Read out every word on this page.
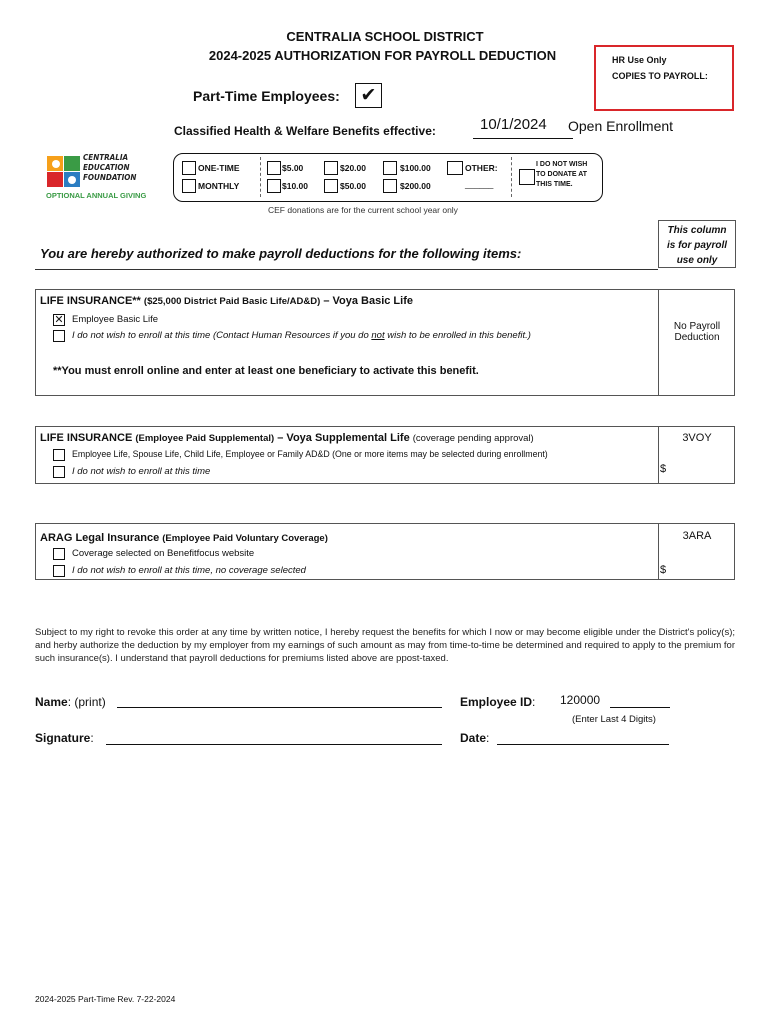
CENTRALIA SCHOOL DISTRICT
2024-2025 AUTHORIZATION FOR PAYROLL DEDUCTION	HR Use Only
COPIES TO PAYROLL:
Part-Time Employees: ✔
Classified Health & Welfare Benefits effective:	10/1/2024 Open Enrollment
CENTRALIA
EDUCATION
FOUNDATION
OPTIONAL ANNUAL GIVING
ONE-TIME
MONTHLY
$5.00	$20.00	$100.00	OTHER:
______
$10.00	$50.00	$200.00
I DO NOT WISH
TO DONATE AT
THIS TIME.
CEF donations are for the current school year only
This column
is for payroll
use only
You are hereby authorized to make payroll deductions for the following items:
LIFE INSURANCE** ($25,000 District Paid Basic Life/AD&D) – Voya Basic Life
✕ Employee Basic Life
I do not wish to enroll at this time (Contact Human Resources if you do not wish to be enrolled in this benefit.)
**You must enroll online and enter at least one beneficiary to activate this benefit.
No Payroll
Deduction
LIFE INSURANCE (Employee Paid Supplemental) – Voya Supplemental Life (coverage pending approval)
Employee Life, Spouse Life, Child Life, Employee or Family AD&D (One or more items may be selected during enrollment)
I do not wish to enroll at this time
3VOY
$
ARAG Legal Insurance (Employee Paid Voluntary Coverage)
Coverage selected on Benefitfocus website
I do not wish to enroll at this time, no coverage selected
3ARA
$
Subject to my right to revoke this order at any time by written notice, I hereby request the benefits for which I now or may become eligible under the District's policy(s); and herby authorize the deduction by my employer from my earnings of such amount as may from time-to-time be determined and required to apply to the premium for such insurance(s). I understand that payroll deductions for premiums listed above are ppost-taxed.
Name: (print)	Employee ID: 120000
(Enter Last 4 Digits)
Signature:	Date:
2024-2025 Part-Time Rev. 7-22-2024
